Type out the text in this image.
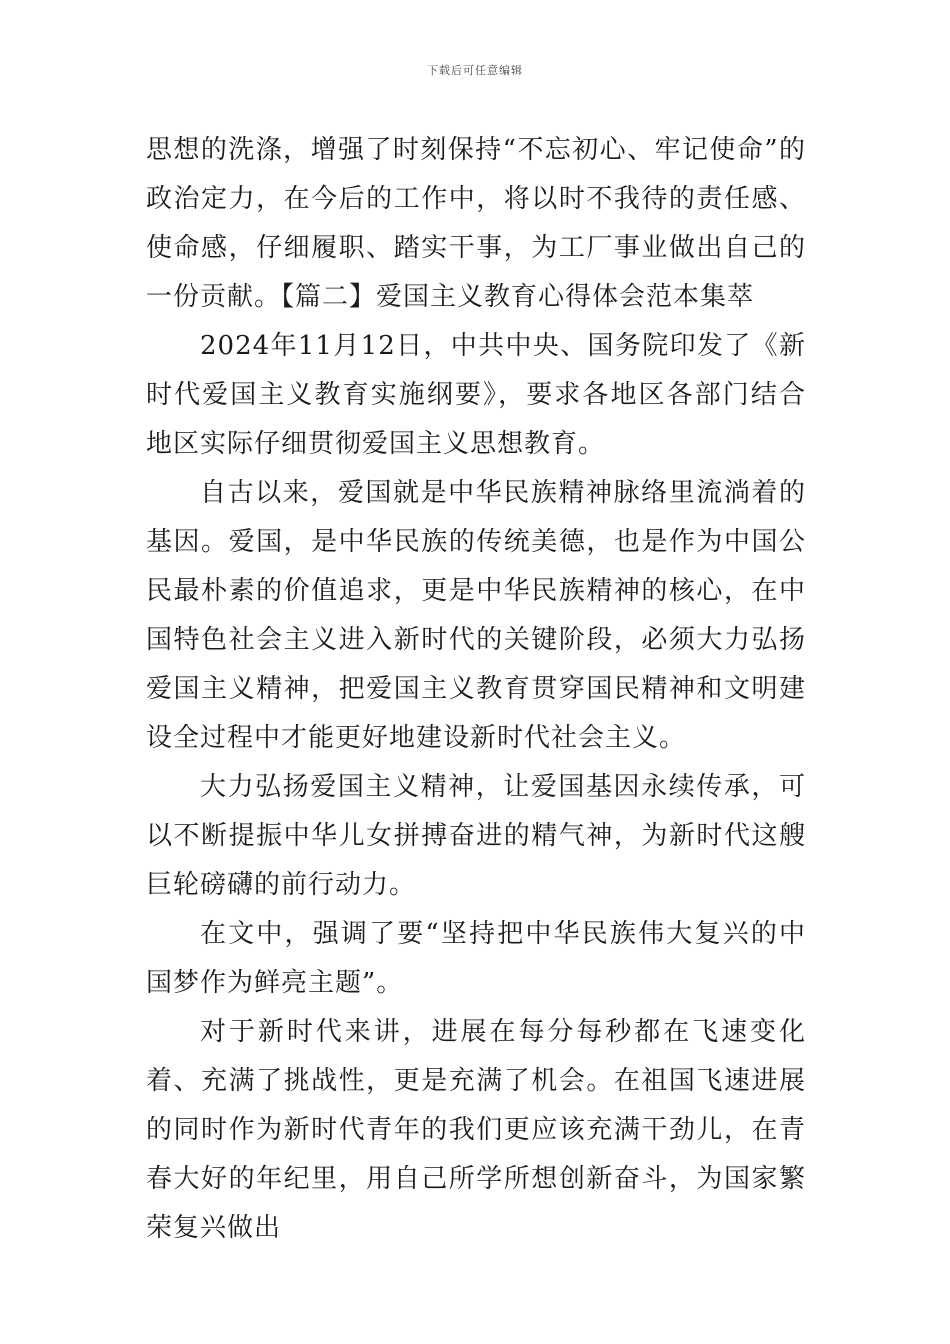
下载后可任意编辑

思想的洗涤，增强了时刻保持“不忘初心、牢记使命”的政治定力，在今后的工作中，将以时不我待的责任感、使命感，仔细履职、踏实干事，为工厂事业做出自己的一份贡献。【篇二】爱国主义教育心得体会范本集萃

2024年11月12日，中共中央、国务院印发了《新时代爱国主义教育实施纲要》，要求各地区各部门结合地区实际仔细贯彻爱国主义思想教育。

自古以来，爱国就是中华民族精神脉络里流淌着的基因。爱国，是中华民族的传统美德，也是作为中国公民最朴素的价值追求，更是中华民族精神的核心，在中国特色社会主义进入新时代的关键阶段，必须大力弘扬爱国主义精神，把爱国主义教育贯穿国民精神和文明建设全过程中才能更好地建设新时代社会主义。

大力弘扬爱国主义精神，让爱国基因永续传承，可以不断提振中华儿女拼搏奋进的精气神，为新时代这艘巨轮磅礴的前行动力。

在文中，强调了要“坚持把中华民族伟大复兴的中国梦作为鲜亮主题”。

对于新时代来讲，进展在每分每秒都在飞速变化着、充满了挑战性，更是充满了机会。在祖国飞速进展的同时作为新时代青年的我们更应该充满干劲儿，在青春大好的年纪里，用自己所学所想创新奋斗，为国家繁荣复兴做出
